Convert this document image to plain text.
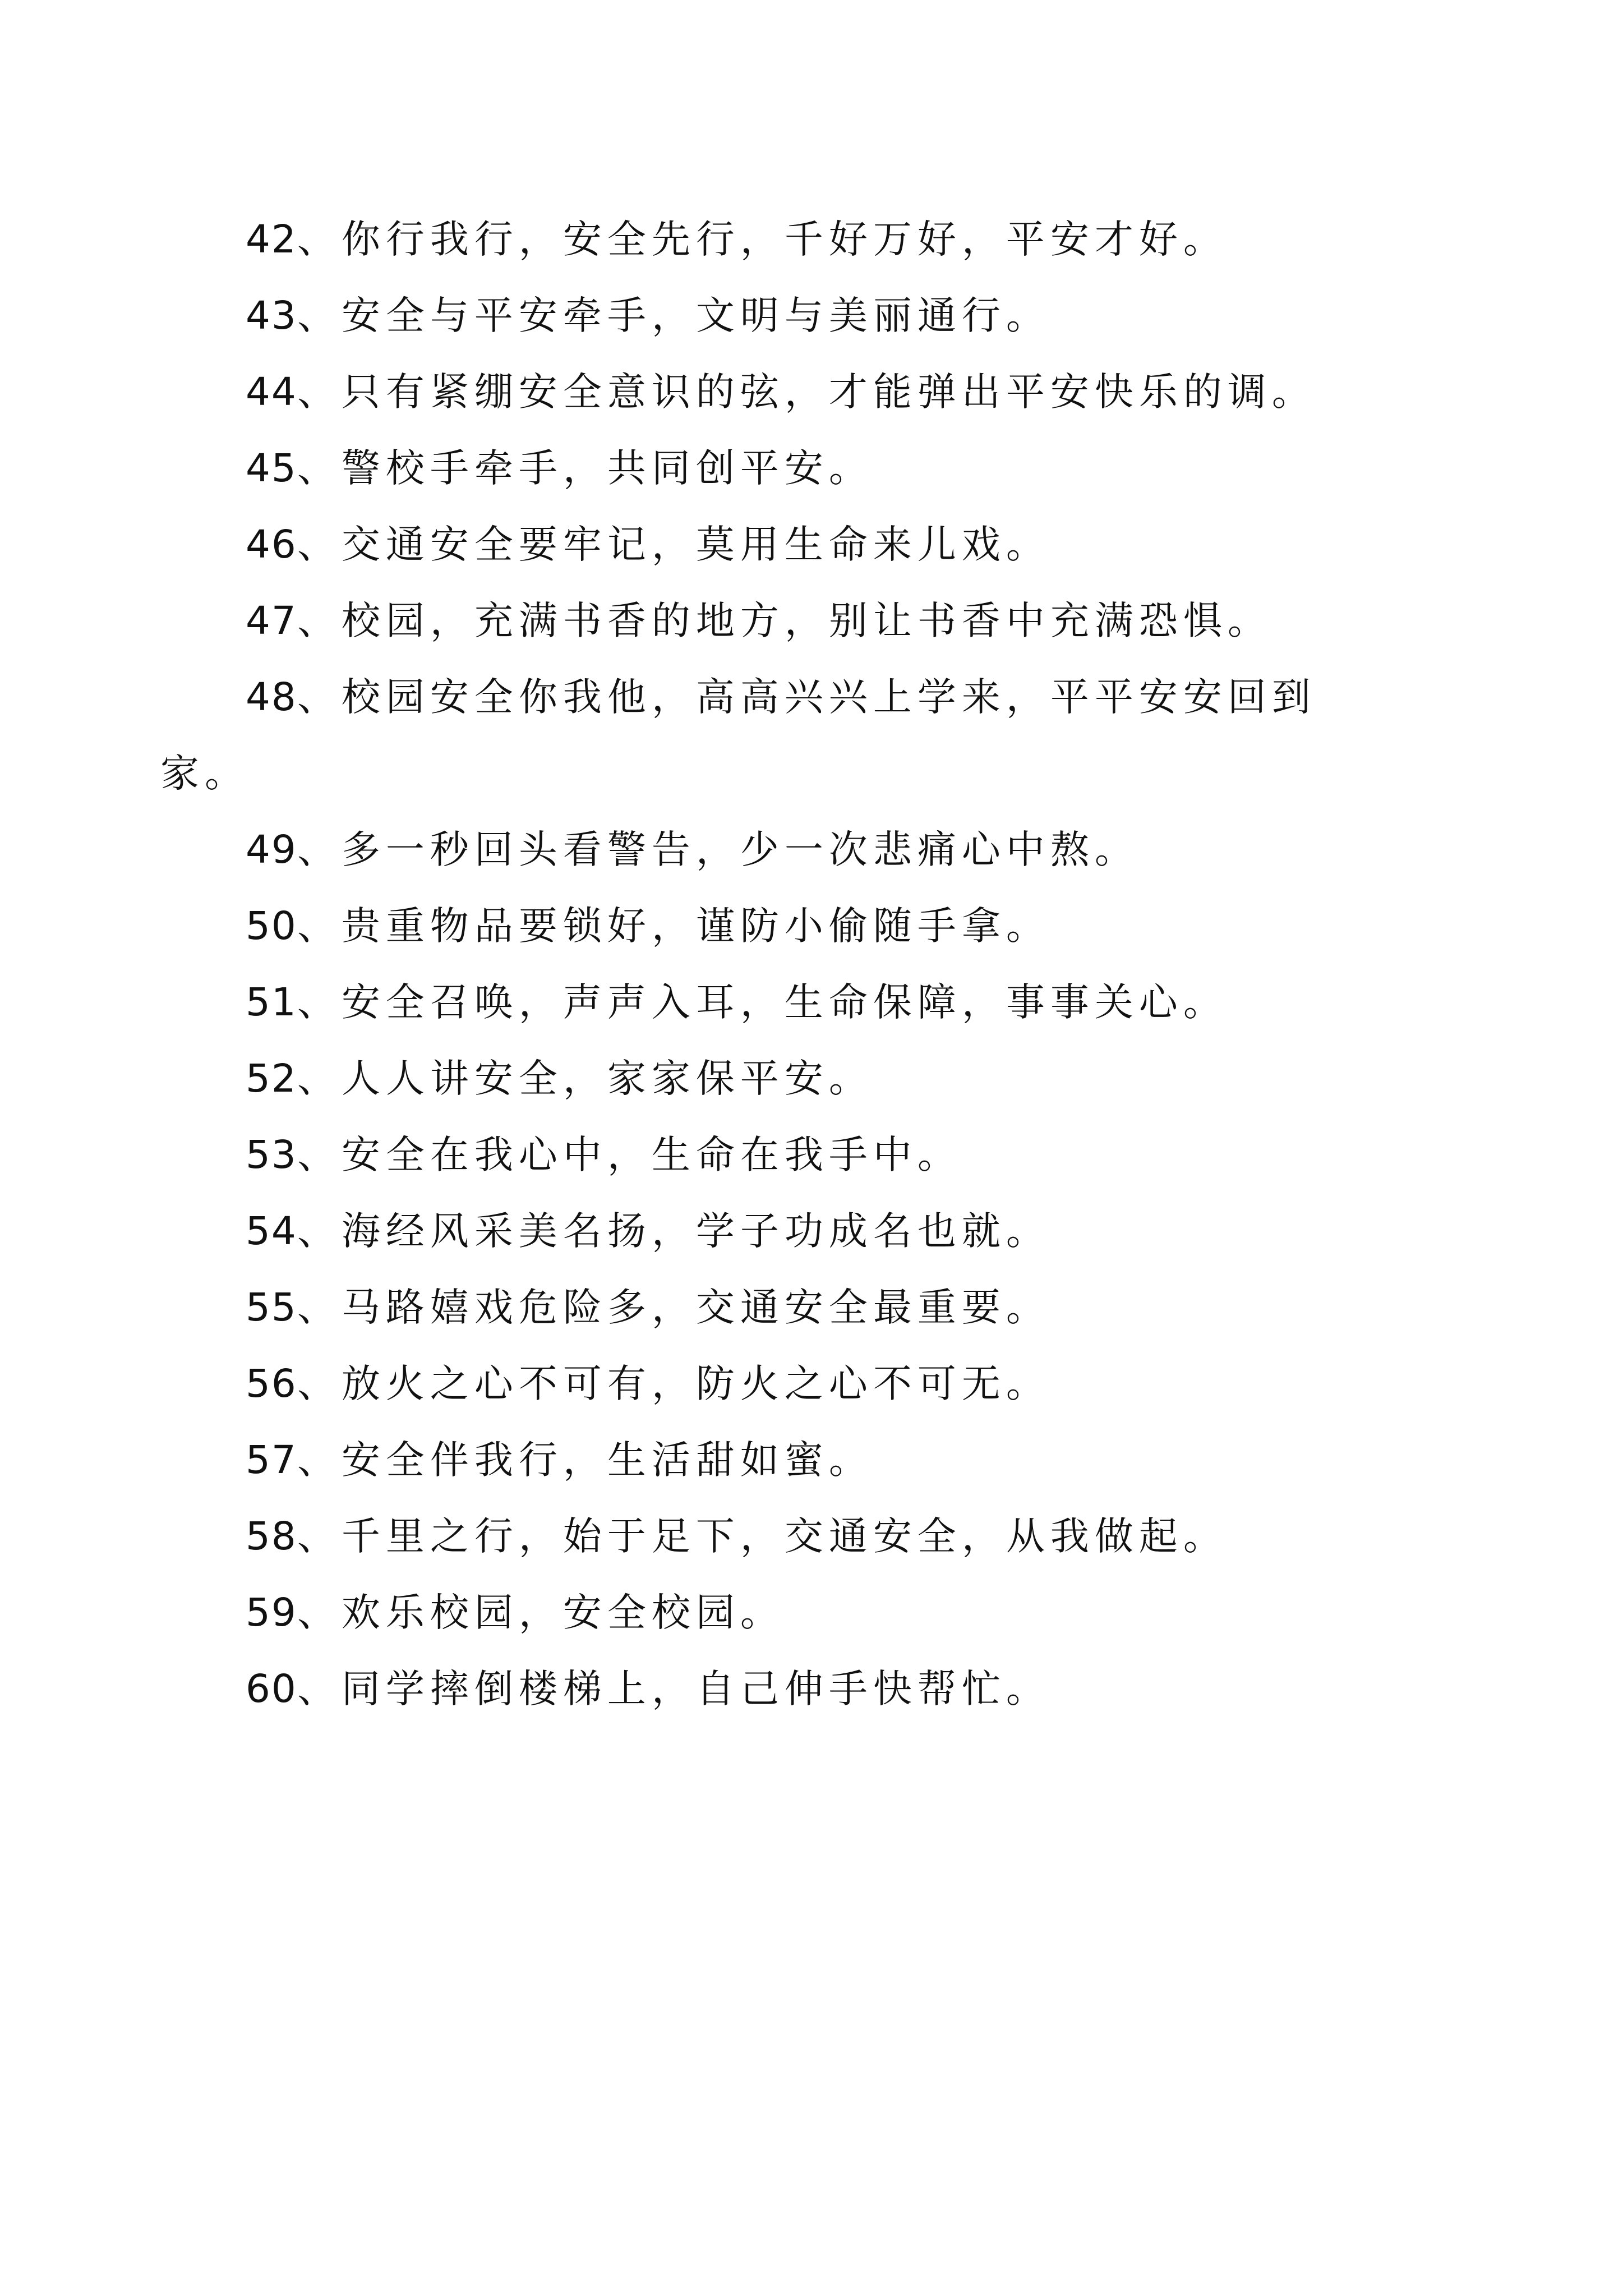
42、你行我行，安全先行，千好万好，平安才好。
43、安全与平安牵手，文明与美丽通行。
44、只有紧绷安全意识的弦，才能弹出平安快乐的调。
45、警校手牵手，共同创平安。
46、交通安全要牢记，莫用生命来儿戏。
47、校园，充满书香的地方，别让书香中充满恐惧。
48、校园安全你我他，高高兴兴上学来，平平安安回到
家。
49、多一秒回头看警告，少一次悲痛心中熬。
50、贵重物品要锁好，谨防小偷随手拿。
51、安全召唤，声声入耳，生命保障，事事关心。
52、人人讲安全，家家保平安。
53、安全在我心中，生命在我手中。
54、海经风采美名扬，学子功成名也就。
55、马路嬉戏危险多，交通安全最重要。
56、放火之心不可有，防火之心不可无。
57、安全伴我行，生活甜如蜜。
58、千里之行，始于足下，交通安全，从我做起。
59、欢乐校园，安全校园。
60、同学摔倒楼梯上，自己伸手快帮忙。
